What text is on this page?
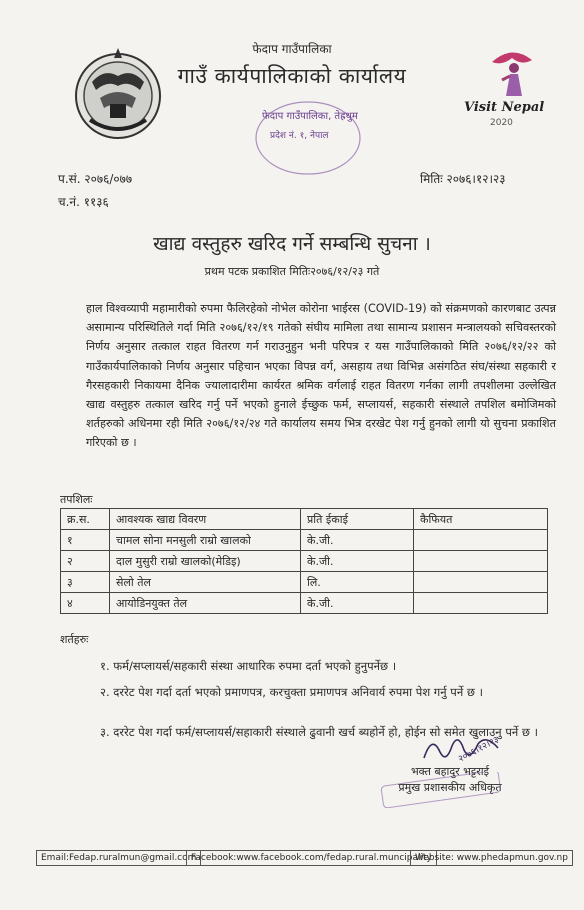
फेदाप गाउँपालिका
गाउँ कार्यपालिकाको कार्यालय
फेदाप गाउँपालिका, तेह्रथुम
प्रदेश नं. १, नेपाल
Visit Nepal
2020
प.सं. २०७६/०७७
च.नं. ११३६
मितिः २०७६।१२।२३
खाद्य वस्तुहरु खरिद गर्ने सम्बन्धि सुचना ।
प्रथम पटक प्रकाशित मितिः२०७६/१२/२३ गते
हाल विश्वव्यापी महामारीको रुपमा फैलिरहेको नोभेल कोरोना भाईरस (COVID-19) को संक्रमणको कारणबाट उत्पन्न असामान्य परिस्थितिले गर्दा मिति २०७६/१२/१९ गतेको संघीय मामिला तथा सामान्य प्रशासन मन्त्रालयको सचिवस्तरको निर्णय अनुसार तत्काल राहत वितरण गर्न गराउनुहुन भनी परिपत्र र यस गाउँपालिकाको मिति २०७६/१२/२२ को गाउँकार्यपालिकाको निर्णय अनुसार पहिचान भएका विपन्न वर्ग, असहाय तथा विभिन्न असंगठित संघ/संस्था सहकारी र गैरसहकारी निकायमा दैनिक ज्यालादारीमा कार्यरत श्रमिक वर्गलाई राहत वितरण गर्नका लागी तपशीलमा उल्लेखित खाद्य वस्तुहरु तत्काल खरिद गर्नु पर्ने भएको हुनाले ईच्छुक फर्म, सप्लायर्स, सहकारी संस्थाले तपशिल बमोजिमको शर्तहरुको अधिनमा रही मिति २०७६/१२/२४ गते कार्यालय समय भित्र दरखेट पेश गर्नु हुनको लागी यो सुचना प्रकाशित गरिएको छ ।
तपशिलः
क्र.स.	आवश्यक खाद्य विवरण	प्रति ईकाई	कैफियत
१	चामल सोना मनसुली राम्रो खालको	के.जी.	
२	दाल मुसुरी राम्रो खालको(मेडिइ)	के.जी.	
३	सेलो तेल	लि.	
४	आयोडिनयुक्त तेल	के.जी.	
शर्तहरुः
१. फर्म/सप्लायर्स/सहकारी संस्था आधारिक रुपमा दर्ता भएको हुनुपर्नेछ ।
२. दररेट पेश गर्दा दर्ता भएको प्रमाणपत्र, करचुक्ता प्रमाणपत्र अनिवार्य रुपमा पेश गर्नु पर्ने छ ।
३. दररेट पेश गर्दा फर्म/सप्लायर्स/सहाकारी संस्थाले ढुवानी खर्च ब्यहोर्ने हो, होईन सो समेत खुलाउनु पर्ने छ ।
२०७६।१२।२३
भक्त बहादुर भट्टराई
प्रमुख प्रशासकीय अधिकृत
Email:Fedap.ruralmun@gmail.com
Facebook:www.facebook.com/fedap.rural.muncipality
Website: www.phedapmun.gov.np
